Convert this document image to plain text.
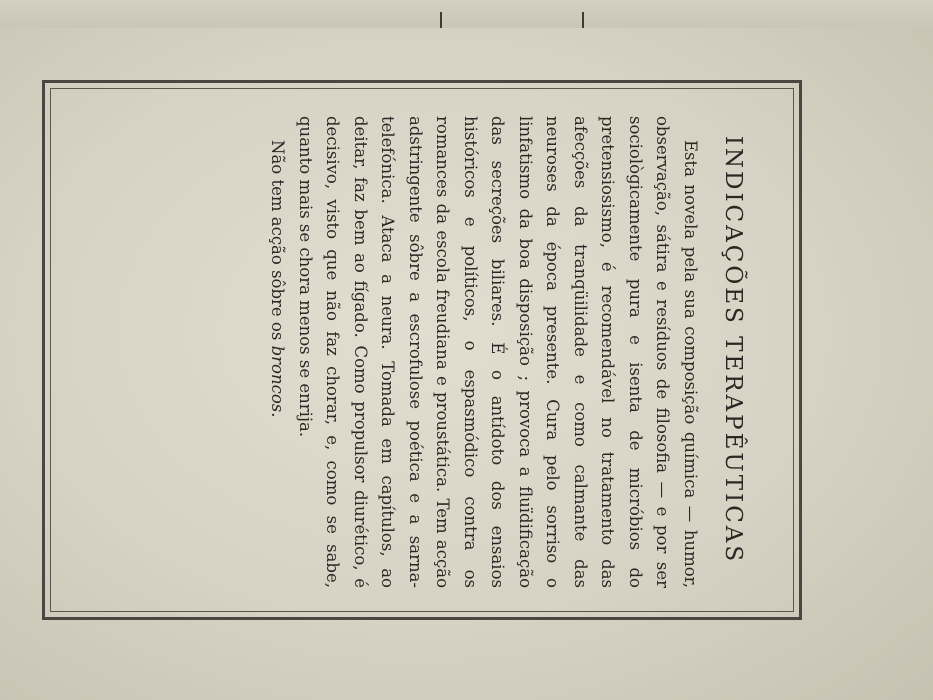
INDICAÇÕES TERAPÊUTICAS

Esta novela pela sua composição química — humor, observação, sátira e resíduos de filosofia — e por ser sociològicamente pura e isenta de micróbios do pretensiosismo, é recomendável no tratamento das afecções da tranqüilidade e como calmante das neuroses da época presente. Cura pelo sorriso o linfatismo da boa disposição ; provoca a fluïdificação das secreções biliares. É o antídoto dos ensaios históricos e políticos, o espasmódico contra os romances da escola freudiana e proustática. Tem acção adstringente sôbre a escrofulose poética e a sarna-telefónica. Ataca a neura. Tomada em capítulos, ao deitar, faz bem ao fígado. Como propulsor diurético, é decisivo, visto que não faz chorar, e, como se sabe, quanto mais se chora menos se enrija.

Não tem acção sôbre os broncos.
